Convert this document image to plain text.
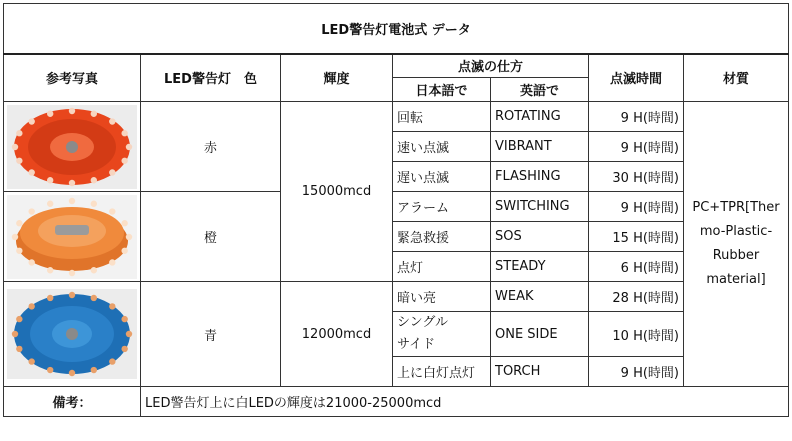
LED警告灯電池式 データ						
参考写真	LED警告灯　色	輝度	点滅の仕方		点滅時間	材質
			日本語で	英語で		

	赤	15000mcd	回転	ROTATING	9 H(時間)	PC+TPR[Ther
mo-Plastic-
Rubber
material]

			速い点滅	VIBRANT	9 H(時間)	
			遅い点滅	FLASHING	30 H(時間)	

	橙		アラーム	SWITCHING	9 H(時間)	
			緊急救援	SOS	15 H(時間)	
			点灯	STEADY	6 H(時間)	

	青	12000mcd	暗い亮	WEAK	28 H(時間)	

			シングル
サイド	ONE SIDE	10 H(時間)	
			上に白灯点灯	TORCH	9 H(時間)	
備考：	LED警告灯上に白LEDの輝度は21000-25000mcd					
